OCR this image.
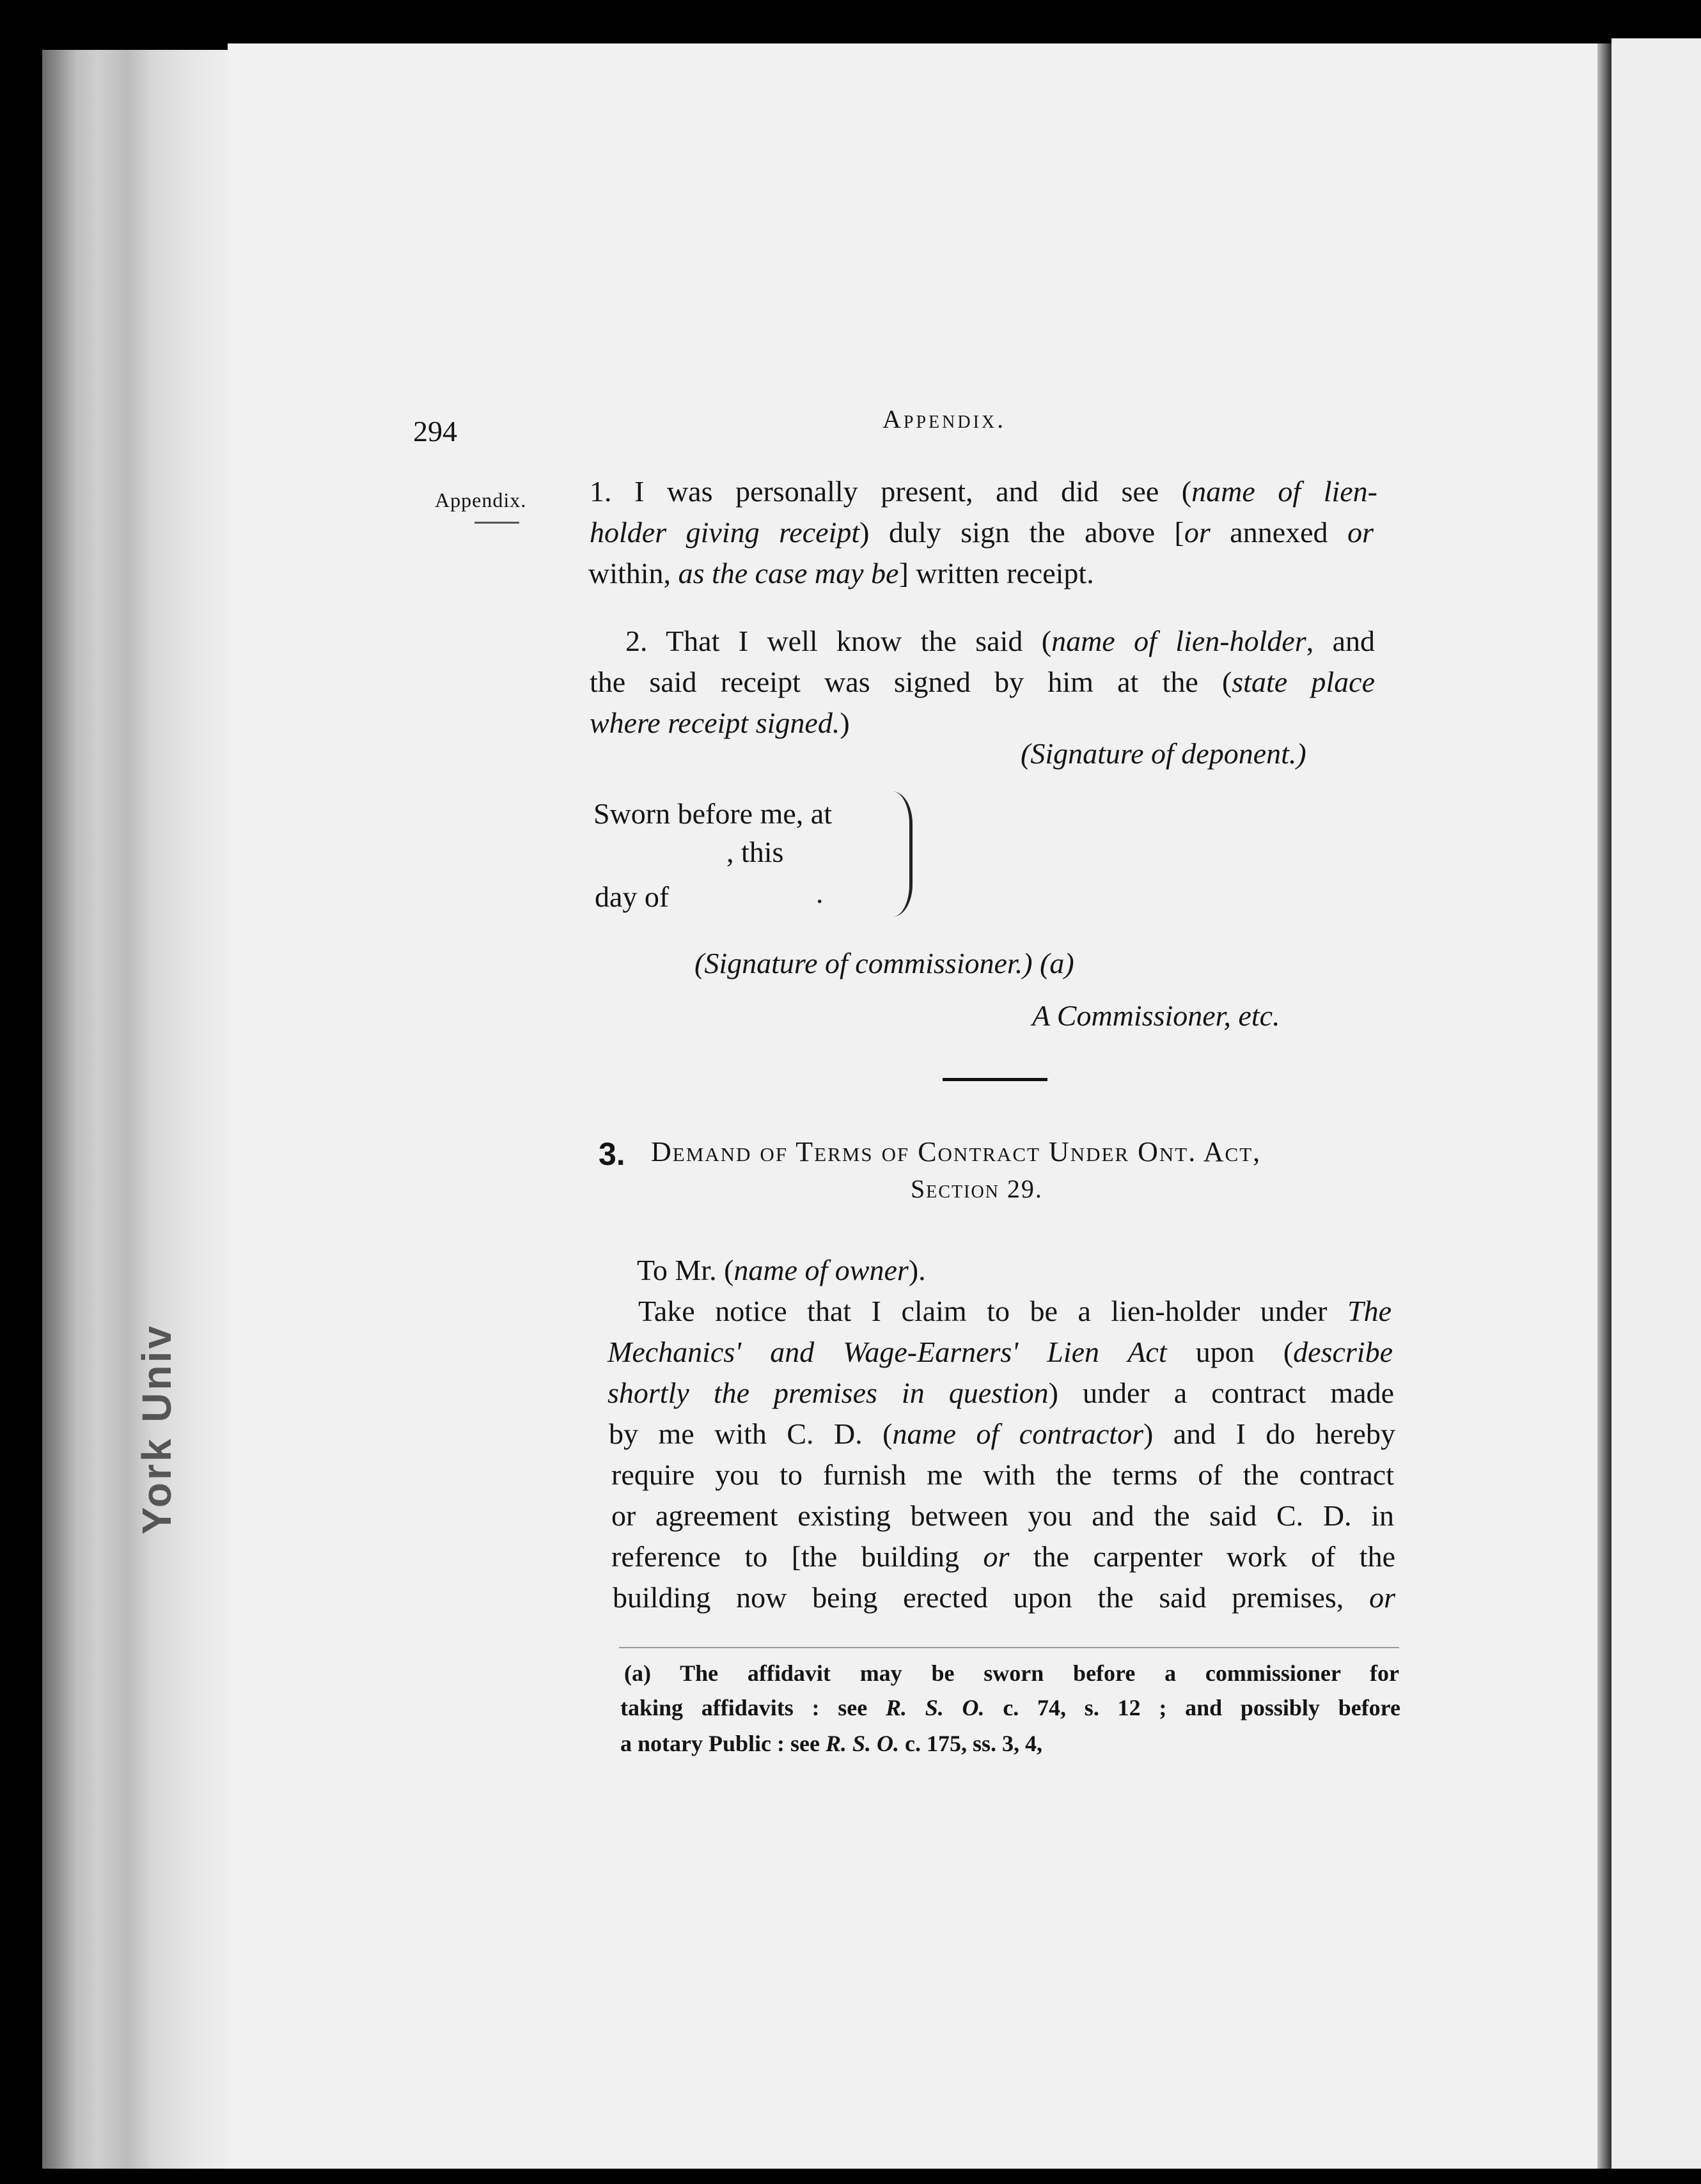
York Univ
294	Appendix.
Appendix. 1. I was personally present, and did see (name of lien-
holder giving receipt) duly sign the above [or annexed or
within, as the case may be] written receipt.
2. That I well know the said (name of lien-holder, and
the said receipt was signed by him at the (state place
where receipt signed.)
(Signature of deponent.)
Sworn before me, at
, this
day of	.
(Signature of commissioner.) (a)
A Commissioner, etc.
3. Demand of Terms of Contract Under Ont. Act,
Section 29.
To Mr. (name of owner).
Take notice that I claim to be a lien-holder under The
Mechanics' and Wage-Earners' Lien Act upon (describe
shortly the premises in question) under a contract made
by me with C. D. (name of contractor) and I do hereby
require you to furnish me with the terms of the contract
or agreement existing between you and the said C. D. in
reference to [the building or the carpenter work of the
building now being erected upon the said premises, or
(a) The affidavit may be sworn before a commissioner for
taking affidavits : see R. S. O. c. 74, s. 12 ; and possibly before
a notary Public : see R. S. O. c. 175, ss. 3, 4,
